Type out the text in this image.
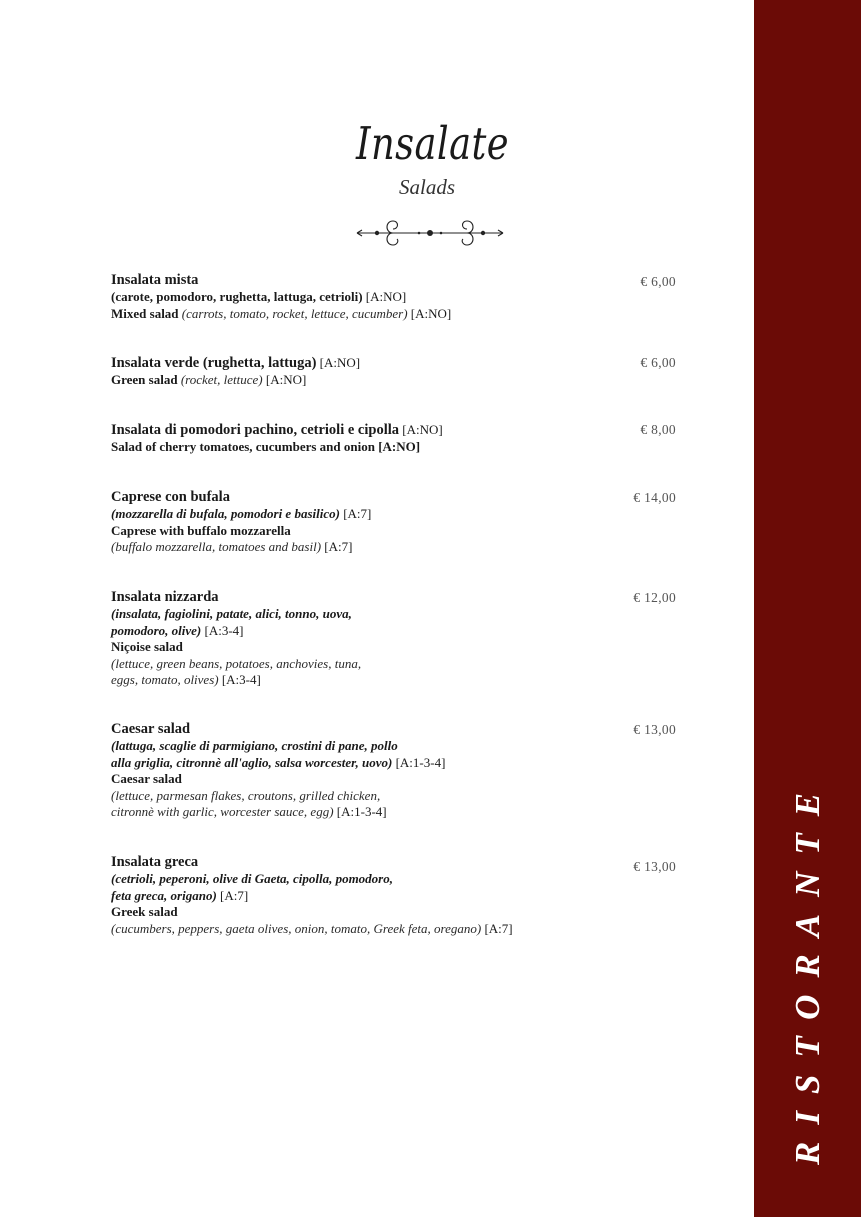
RISTORANTE
Insalate
Salads
Insalata mista
(carote, pomodoro, rughetta, lattuga, cetrioli) [A:NO]
Mixed salad (carrots, tomato, rocket, lettuce, cucumber) [A:NO]
€ 6,00
Insalata verde (rughetta, lattuga) [A:NO]
Green salad (rocket, lettuce) [A:NO]
€ 6,00
Insalata di pomodori pachino, cetrioli e cipolla [A:NO]
Salad of cherry tomatoes, cucumbers and onion [A:NO]
€ 8,00
Caprese con bufala
(mozzarella di bufala, pomodori e basilico) [A:7]
Caprese with buffalo mozzarella
(buffalo mozzarella, tomatoes and basil) [A:7]
€ 14,00
Insalata nizzarda
(insalata, fagiolini, patate, alici, tonno, uova,
pomodoro, olive) [A:3-4]
Niçoise salad
(lettuce, green beans, potatoes, anchovies, tuna,
eggs, tomato, olives) [A:3-4]
€ 12,00
Caesar salad
(lattuga, scaglie di parmigiano, crostini di pane, pollo
alla griglia, citronnè all'aglio, salsa worcester, uovo) [A:1-3-4]
Caesar salad
(lettuce, parmesan flakes, croutons, grilled chicken,
citronnè with garlic, worcester sauce, egg) [A:1-3-4]
€ 13,00
Insalata greca
(cetrioli, peperoni, olive di Gaeta, cipolla, pomodoro,
feta greca, origano) [A:7]
Greek salad
(cucumbers, peppers, gaeta olives, onion, tomato, Greek feta, oregano) [A:7]
€ 13,00
